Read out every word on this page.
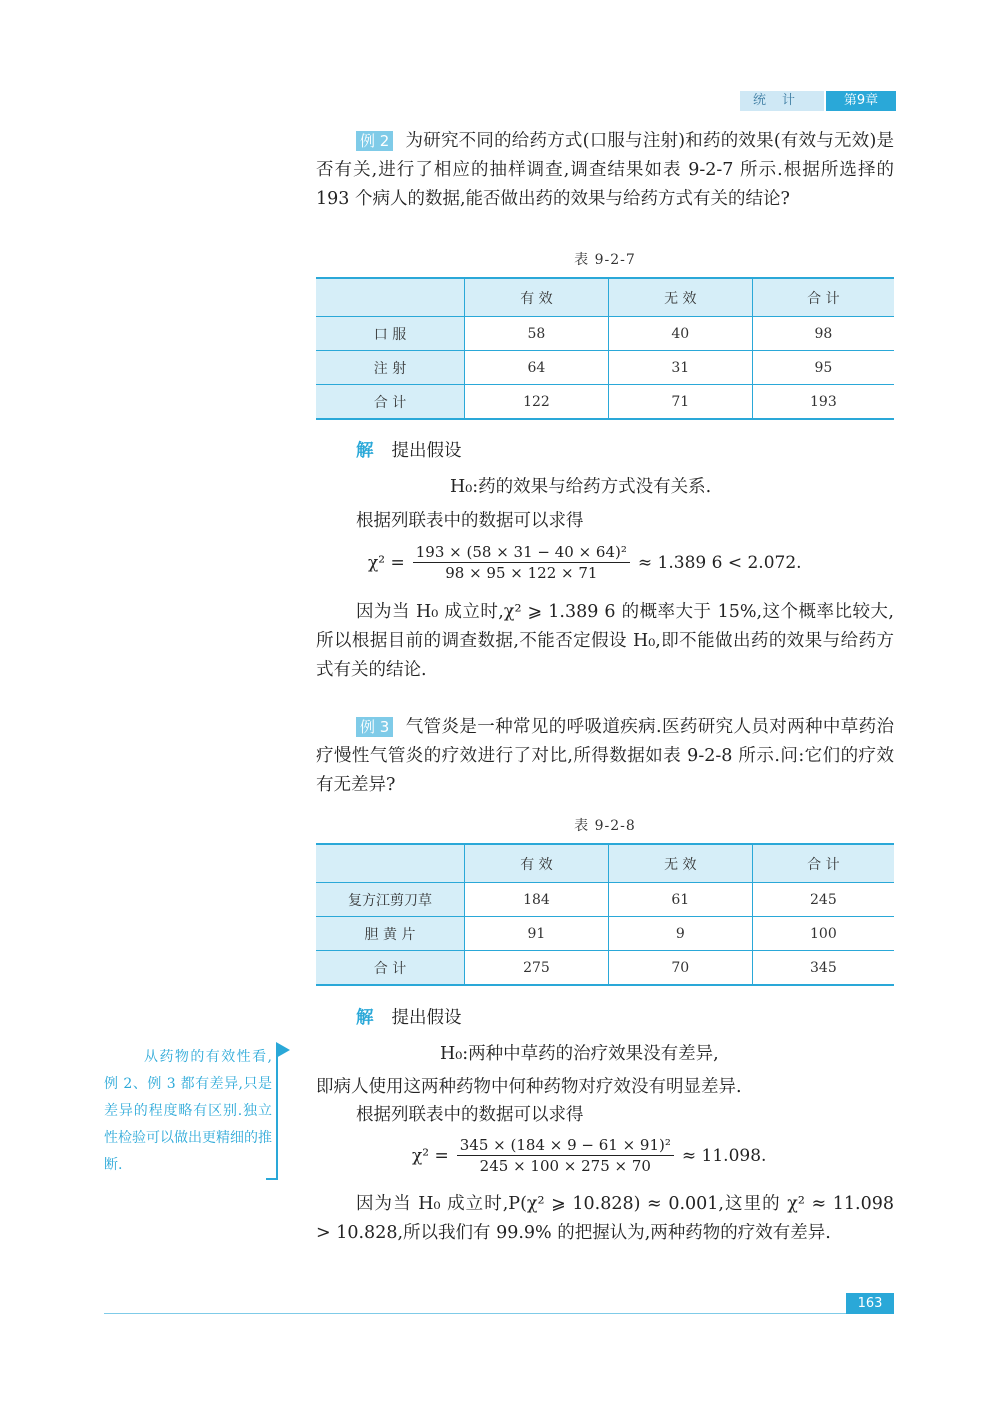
统计	第9章
例 2 为研究不同的给药方式(口服与注射)和药的效果(有效与无效)是否有关,进行了相应的抽样调查,调查结果如表 9-2-7 所示.根据所选择的 193 个病人的数据,能否做出药的效果与给药方式有关的结论?
表 9-2-7
	有 效	无 效	合 计
口 服	58	40	98
注 射	64	31	95
合 计	122	71	193
解 提出假设
H₀:药的效果与给药方式没有关系.
根据列联表中的数据可以求得
$\chi^2 = \frac{\text{193 × (58 × 31 − 40 × 64)²}}{98 \times 95 \times 122 \times 71} \approx 1.389$ 6 < 2.072.
因为当 H₀ 成立时,χ² ⩾ 1.389 6 的概率大于 15%,这个概率比较大,所以根据目前的调查数据,不能否定假设 H₀,即不能做出药的效果与给药方式有关的结论.
例 3 气管炎是一种常见的呼吸道疾病.医药研究人员对两种中草药治疗慢性气管炎的疗效进行了对比,所得数据如表 9-2-8 所示.问:它们的疗效有无差异?
表 9-2-8
	有 效	无 效	合 计
复方江剪刀草	184	61	245
胆 黄 片	91	9	100
合 计	275	70	345
解 提出假设
H₀:两种中草药的治疗效果没有差异,
即病人使用这两种药物中何种药物对疗效没有明显差异.
根据列联表中的数据可以求得
$\chi^2 = \frac{\text{345 × (184 × 9 − 61 × 91)²}}{245 \times 100 \times 275 \times 70} \approx 11.098$.
因为当 H₀ 成立时,P(χ² ⩾ 10.828) ≈ 0.001,这里的 χ² ≈ 11.098 > 10.828,所以我们有 99.9% 的把握认为,两种药物的疗效有差异.
从药物的有效性看,例 2、例 3 都有差异,只是差异的程度略有区别.独立性检验可以做出更精细的推断.
163
